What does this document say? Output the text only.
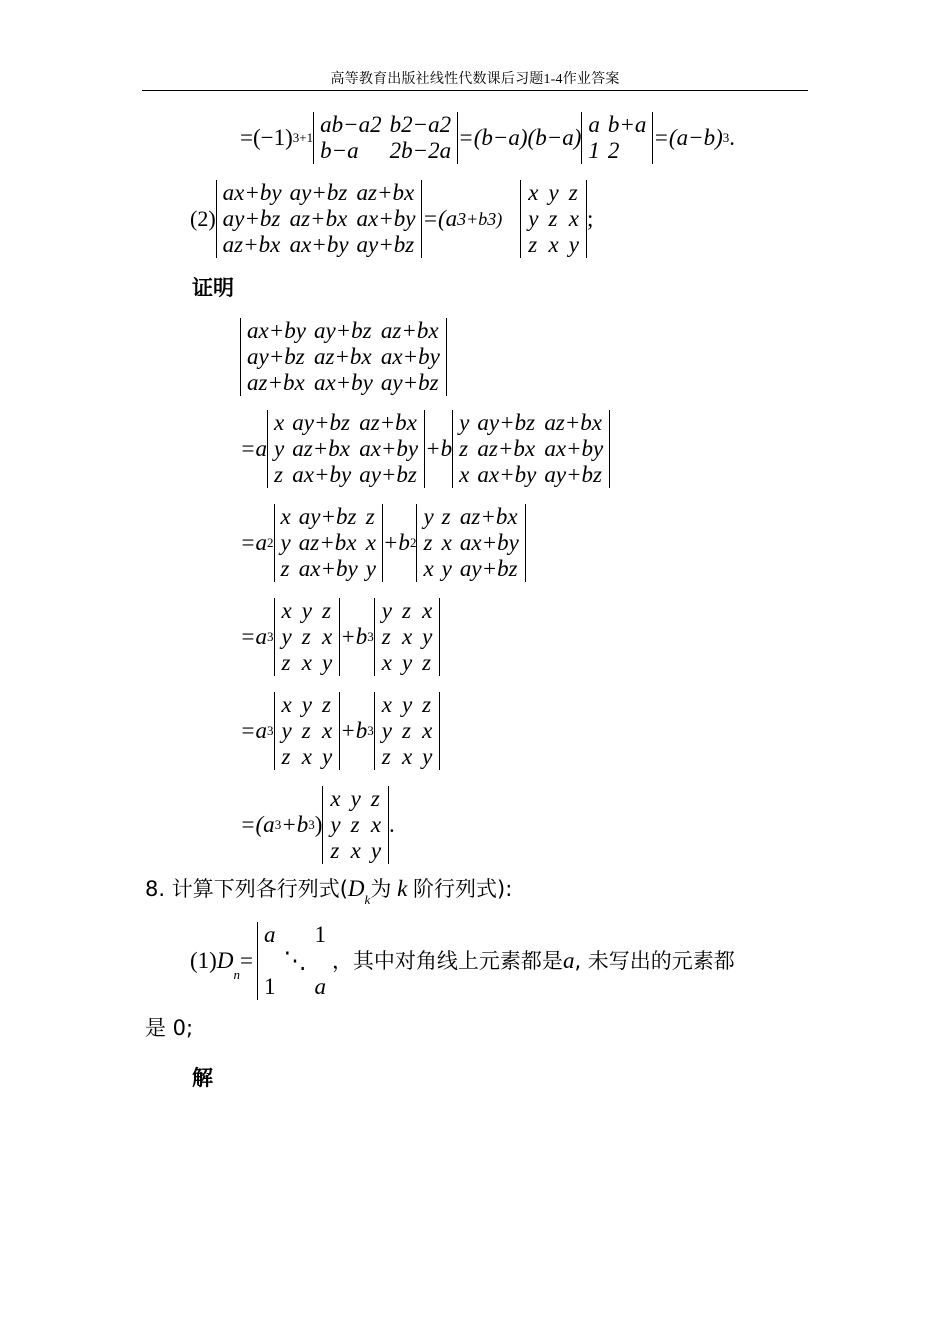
高等教育出版社线性代数课后习题1-4作业答案
=(−1) 3+1
ab−a2	b2−a2
b−a	2b−2a
=(b−a)(b−a)
a	b+a
1	2
=(a−b) 3 .
(2)
ax+by	ay+bz	az+bx
ay+bz	az+bx	ax+by
az+bx	ax+by	ay+bz
=(a 3+b3)
x	y	z
y	z	x
z	x	y
;
证明
ax+by	ay+bz	az+bx
ay+bz	az+bx	ax+by
az+bx	ax+by	ay+bz
=a
x	ay+bz	az+bx
y	az+bx	ax+by
z	ax+by	ay+bz
+b
y	ay+bz	az+bx
z	az+bx	ax+by
x	ax+by	ay+bz
=a 2
x	ay+bz	z
y	az+bx	x
z	ax+by	y
+b 2
y	z	az+bx
z	x	ax+by
x	y	ay+bz
=a 3
x	y	z
y	z	x
z	x	y
+b 3
y	z	x
z	x	y
x	y	z
=a 3
x	y	z
y	z	x
z	x	y
+b 3
x	y	z
y	z	x
z	x	y
=(a 3 +b 3 )
x	y	z
y	z	x
z	x	y
.
8. 计算下列各行列式($D_k$为 k 阶行列式):
(1) D
n
=
a		1
	⋱	
1		a
，其中对角线上元素都是 a , 未写出的元素都
是 0;
解
